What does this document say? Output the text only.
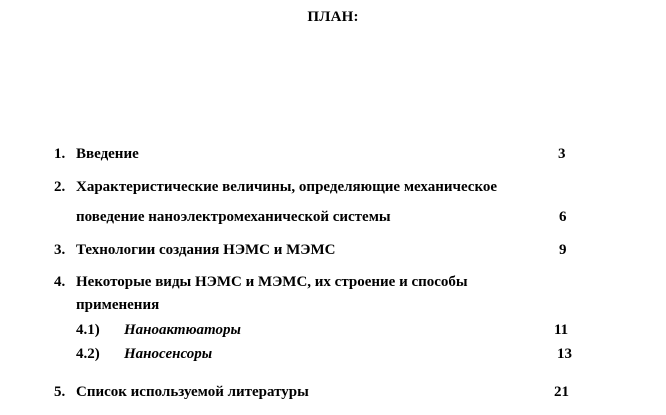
ПЛАН:
1. Введение	3
2. Характеристические величины, определяющие механическое
поведение наноэлектромеханической системы	6
3. Технологии создания НЭМС и МЭМС	9
4. Некоторые виды НЭМС и МЭМС, их строение и способы
применения
4.1) Наноактюаторы	11
4.2) Наносенсоры	13
5. Список используемой литературы	21
